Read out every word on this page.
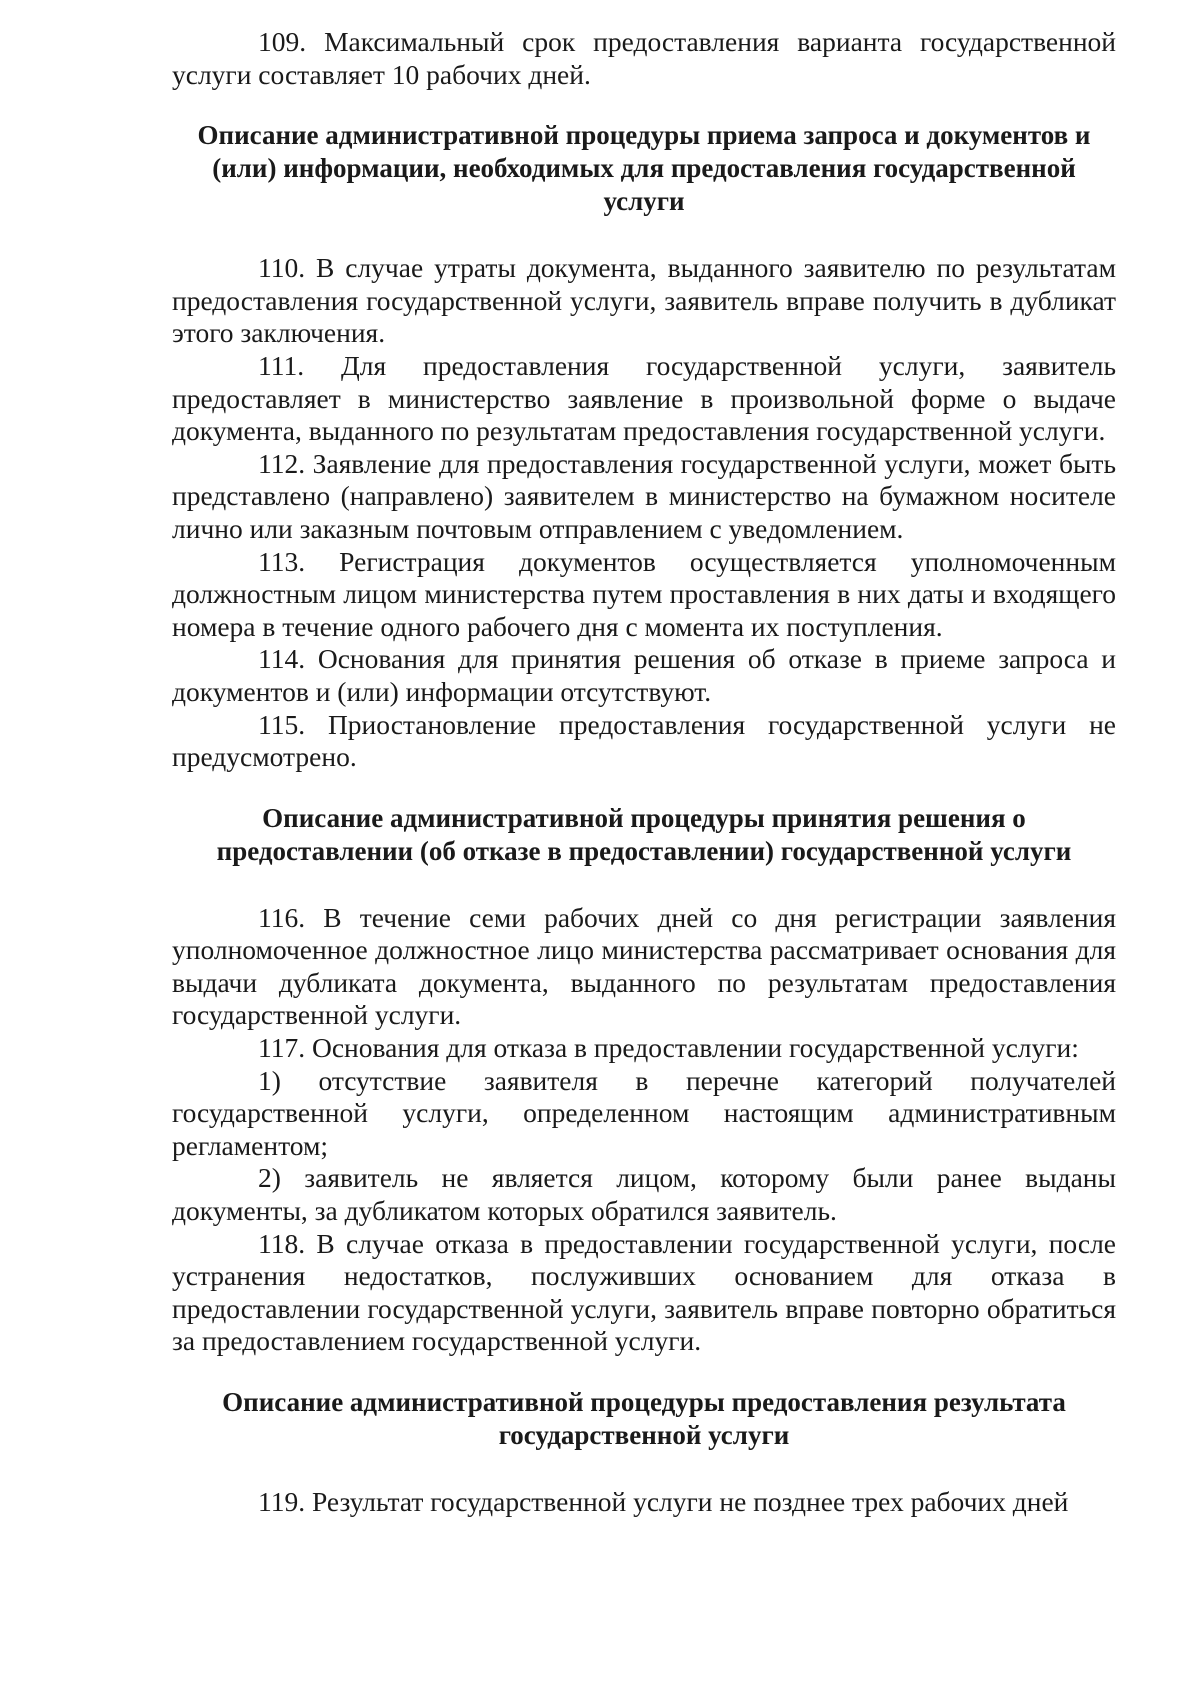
109. Максимальный срок предоставления варианта государственной услуги составляет 10 рабочих дней.

Описание административной процедуры приема запроса и документов и (или) информации, необходимых для предоставления государственной услуги

110. В случае утраты документа, выданного заявителю по результатам предоставления государственной услуги, заявитель вправе получить в дубликат этого заключения.

111. Для предоставления государственной услуги, заявитель предоставляет в министерство заявление в произвольной форме о выдаче документа, выданного по результатам предоставления государственной услуги.

112. Заявление для предоставления государственной услуги, может быть представлено (направлено) заявителем в министерство на бумажном носителе лично или заказным почтовым отправлением с уведомлением.

113. Регистрация документов осуществляется уполномоченным должностным лицом министерства путем проставления в них даты и входящего номера в течение одного рабочего дня с момента их поступления.

114. Основания для принятия решения об отказе в приеме запроса и документов и (или) информации отсутствуют.

115. Приостановление предоставления государственной услуги не предусмотрено.

Описание административной процедуры принятия решения о предоставлении (об отказе в предоставлении) государственной услуги

116. В течение семи рабочих дней со дня регистрации заявления уполномоченное должностное лицо министерства рассматривает основания для выдачи дубликата документа, выданного по результатам предоставления государственной услуги.

117. Основания для отказа в предоставлении государственной услуги:

1) отсутствие заявителя в перечне категорий получателей государственной услуги, определенном настоящим административным регламентом;

2) заявитель не является лицом, которому были ранее выданы документы, за дубликатом которых обратился заявитель.

118. В случае отказа в предоставлении государственной услуги, после устранения недостатков, послуживших основанием для отказа в предоставлении государственной услуги, заявитель вправе повторно обратиться за предоставлением государственной услуги.

Описание административной процедуры предоставления результата государственной услуги

119. Результат государственной услуги не позднее трех рабочих дней
